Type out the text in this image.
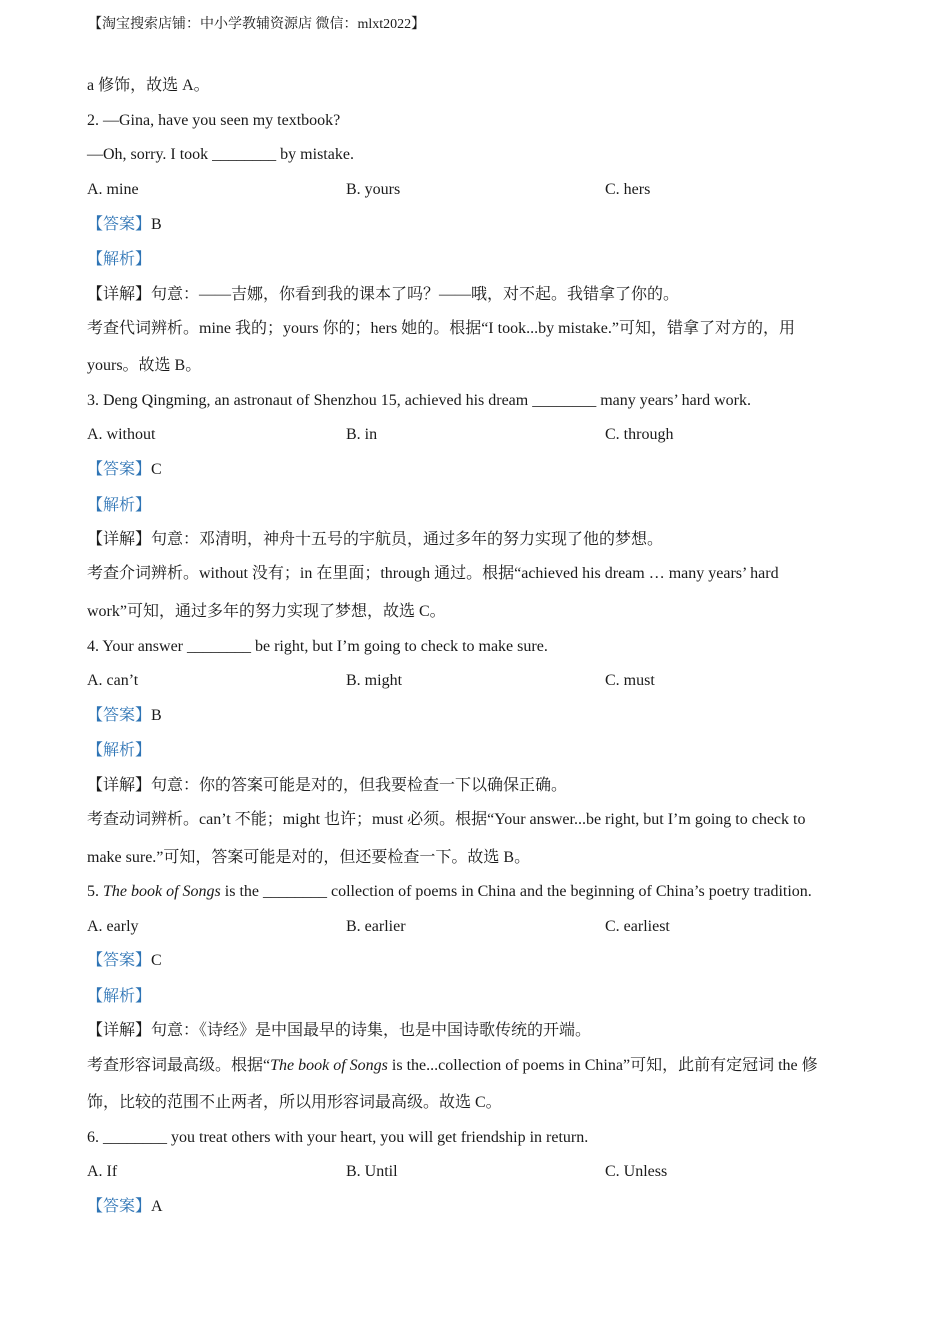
【淘宝搜索店铺：中小学教辅资源店 微信：mlxt2022】
a 修饰，故选 A。
2. —Gina, have you seen my textbook?
—Oh, sorry. I took ________ by mistake.
A. mine	B. yours	C. hers
【答案】B
【解析】
【详解】句意：——吉娜，你看到我的课本了吗？——哦，对不起。我错拿了你的。
考查代词辨析。mine 我的；yours 你的；hers 她的。根据“I took...by mistake.”可知，错拿了对方的，用
yours。故选 B。
3. Deng Qingming, an astronaut of Shenzhou 15, achieved his dream ________ many years’ hard work.
A. without	B. in	C. through
【答案】C
【解析】
【详解】句意：邓清明，神舟十五号的宇航员，通过多年的努力实现了他的梦想。
考查介词辨析。without 没有；in 在里面；through 通过。根据“achieved his dream … many years’ hard
work”可知，通过多年的努力实现了梦想，故选 C。
4. Your answer ________ be right, but I’m going to check to make sure.
A. can’t	B. might	C. must
【答案】B
【解析】
【详解】句意：你的答案可能是对的，但我要检查一下以确保正确。
考查动词辨析。can’t 不能；might 也许；must 必须。根据“Your answer...be right, but I’m going to check to
make sure.”可知，答案可能是对的，但还要检查一下。故选 B。
5. The book of Songs is the ________ collection of poems in China and the beginning of China’s poetry tradition.
A. early	B. earlier	C. earliest
【答案】C
【解析】
【详解】句意：《诗经》是中国最早的诗集，也是中国诗歌传统的开端。
考查形容词最高级。根据“The book of Songs is the...collection of poems in China”可知，此前有定冠词 the 修
饰，比较的范围不止两者，所以用形容词最高级。故选 C。
6. ________ you treat others with your heart, you will get friendship in return.
A. If	B. Until	C. Unless
【答案】A
